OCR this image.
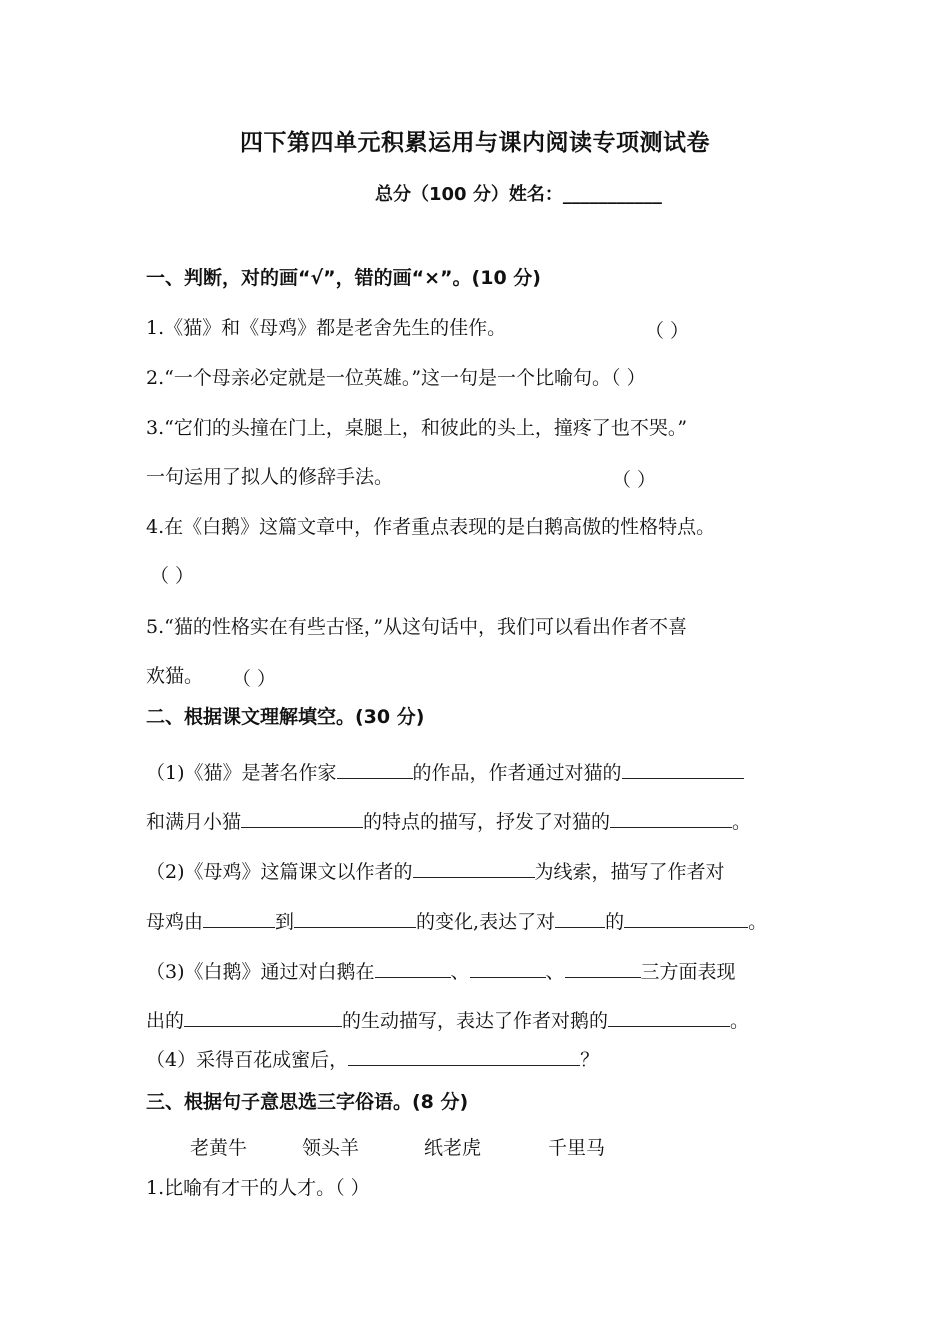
四下第四单元积累运用与课内阅读专项测试卷
总分（100 分）姓名：___________
一、判断，对的画“√”，错的画“×”。(10 分)
1.《猫》和《母鸡》都是老舍先生的佳作。	（ ）
2.“一个母亲必定就是一位英雄。”这一句是一个比喻句。（ ）
3.“它们的头撞在门上，桌腿上，和彼此的头上，撞疼了也不哭。”
一句运用了拟人的修辞手法。	（ ）
4.在《白鹅》这篇文章中，作者重点表现的是白鹅高傲的性格特点。
（ ）
5.“猫的性格实在有些古怪，”从这句话中，我们可以看出作者不喜
欢猫。 （ ）
二、根据课文理解填空。(30 分)
（1)《猫》是著名作家	的作品，作者通过对猫的
和满月小猫	的特点的描写，抒发了对猫的	。
（2)《母鸡》这篇课文以作者的	为线索，描写了作者对
母鸡由	到	的变化,表达了对	的	。
（3)《白鹅》通过对白鹅在	、	、	三方面表现
出的	的生动描写，表达了作者对鹅的	。
（4）采得百花成蜜后，	？
三、根据句子意思选三字俗语。(8 分)
老黄牛	领头羊	纸老虎	千里马
1.比喻有才干的人才。（ ）
